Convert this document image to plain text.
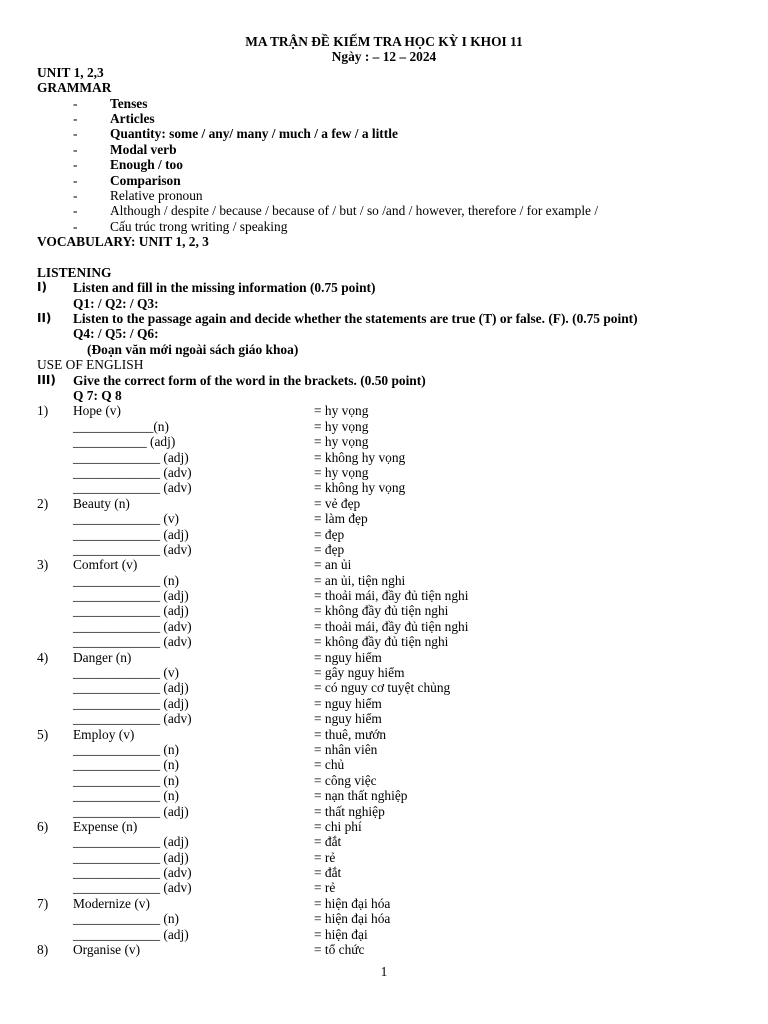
MA TRẬN ĐỀ KIẾM TRA HỌC KỲ I KHOI 11
Ngày : – 12 – 2024
UNIT 1, 2,3
GRAMMAR
- Tenses
- Articles
- Quantity: some / any/ many / much / a few / a little
- Modal verb
- Enough / too
- Comparison
- Relative pronoun
- Although / despite / because / because of / but / so /and / however, therefore / for example /
- Cấu trúc trong writing / speaking
VOCABULARY: UNIT 1, 2, 3
LISTENING
I) Listen and fill in the missing information (0.75 point)
Q1: / Q2: / Q3:
II) Listen to the passage again and decide whether the statements are true (T) or false. (F). (0.75 point)
Q4: / Q5: / Q6:
(Đoạn văn mới ngoài sách giáo khoa)
USE OF ENGLISH
III) Give the correct form of the word in the brackets. (0.50 point)
Q 7: Q 8
1) Hope (v)	= hy vọng
____________(n)	= hy vọng
___________ (adj)	= hy vọng
_____________ (adj)	= không hy vọng
_____________ (adv)	= hy vọng
_____________ (adv)	= không hy vọng
2) Beauty (n)	= vẻ đẹp
_____________ (v)	= làm đẹp
_____________ (adj)	= đẹp
_____________ (adv)	= đẹp
3) Comfort (v)	= an ủi
_____________ (n)	= an ủi, tiện nghi
_____________ (adj)	= thoải mái, đầy đủ tiện nghi
_____________ (adj)	= không đầy đủ tiện nghi
_____________ (adv)	= thoải mái, đầy đủ tiện nghi
_____________ (adv)	= không đầy đủ tiện nghi
4) Danger (n)	= nguy hiểm
_____________ (v)	= gây nguy hiểm
_____________ (adj)	= có nguy cơ tuyệt chủng
_____________ (adj)	= nguy hiểm
_____________ (adv)	= nguy hiểm
5) Employ (v)	= thuê, mướn
_____________ (n)	= nhân viên
_____________ (n)	= chủ
_____________ (n)	= công việc
_____________ (n)	= nạn thất nghiệp
_____________ (adj)	= thất nghiệp
6) Expense (n)	= chi phí
_____________ (adj)	= đắt
_____________ (adj)	= rẻ
_____________ (adv)	= đắt
_____________ (adv)	= rẻ
7) Modernize (v)	= hiện đại hóa
_____________ (n)	= hiện đại hóa
_____________ (adj)	= hiện đại
8) Organise (v)	= tổ chức
1
